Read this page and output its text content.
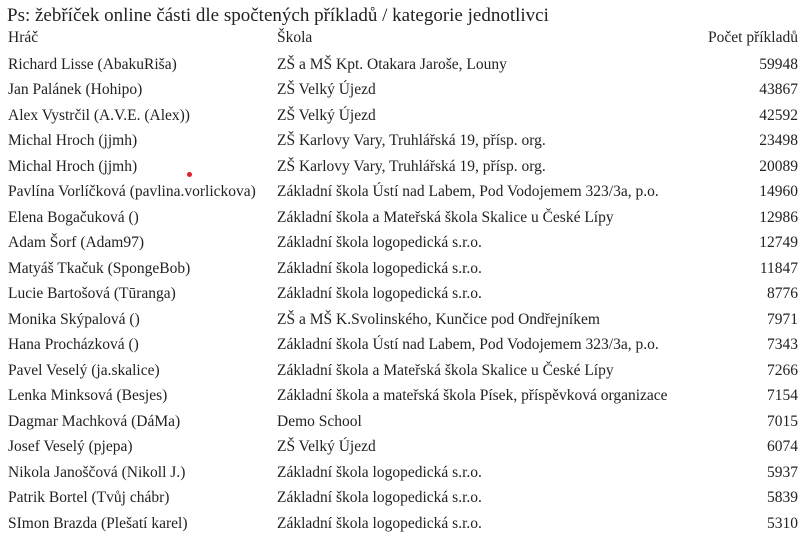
Ps: žebříček online části dle spočtených příkladů / kategorie jednotlivci
Hráč	Škola	Počet příkladů
Richard Lisse (AbakuRiša)	ZŠ a MŠ Kpt. Otakara Jaroše, Louny	59948
Jan Palánek (Hohipo)	ZŠ Velký Újezd	43867
Alex Vystrčil (A.V.E. (Alex))	ZŠ Velký Újezd	42592
Michal Hroch (jjmh)	ZŠ Karlovy Vary, Truhlářská 19, přísp. org.	23498
Michal Hroch (jjmh)	ZŠ Karlovy Vary, Truhlářská 19, přísp. org.	20089
Pavlína Vorlíčková (pavlina.vorlickova)	Základní škola Ústí nad Labem, Pod Vodojemem 323/3a, p.o.	14960
Elena Bogačuková ()	Základní škola a Mateřská škola Skalice u České Lípy	12986
Adam Šorf (Adam97)	Základní škola logopedická s.r.o.	12749
Matyáš Tkačuk (SpongeBob)	Základní škola logopedická s.r.o.	11847
Lucie Bartošová (Tūranga)	Základní škola logopedická s.r.o.	8776
Monika Skýpalová ()	ZŠ a MŠ K.Svolinského, Kunčice pod Ondřejníkem	7971
Hana Procházková ()	Základní škola Ústí nad Labem, Pod Vodojemem 323/3a, p.o.	7343
Pavel Veselý (ja.skalice)	Základní škola a Mateřská škola Skalice u České Lípy	7266
Lenka Minksová (Besjes)	Základní škola a mateřská škola Písek, příspěvková organizace	7154
Dagmar Machková (DáMa)	Demo School	7015
Josef Veselý (pjepa)	ZŠ Velký Újezd	6074
Nikola Janoščová (Nikoll J.)	Základní škola logopedická s.r.o.	5937
Patrik Bortel (Tvůj chábr)	Základní škola logopedická s.r.o.	5839
SImon Brazda (Plešatí karel)	Základní škola logopedická s.r.o.	5310
